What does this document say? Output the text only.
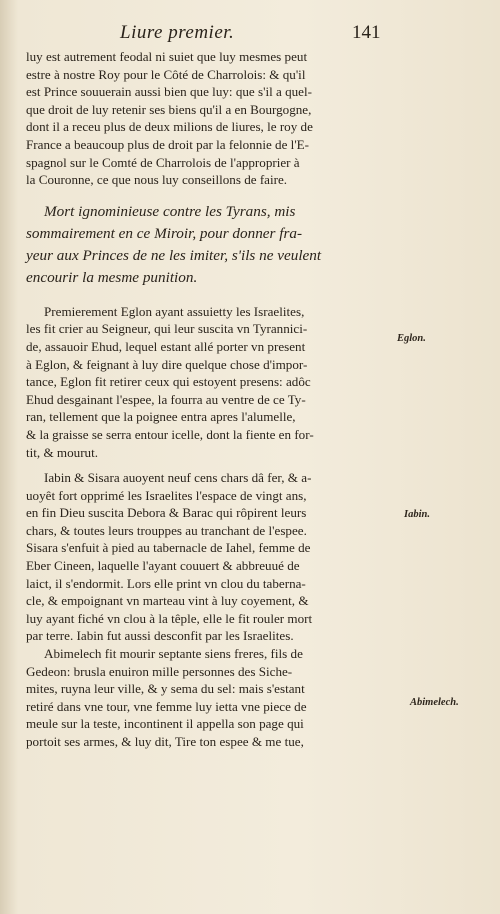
Liure premier.	141
luy est autrement feodal ni suiet que luy mesmes peut
estre à nostre Roy pour le Côté de Charrolois: & qu'il
est Prince souuerain aussi bien que luy: que s'il a quel-
que droit de luy retenir ses biens qu'il a en Bourgogne,
dont il a receu plus de deux milions de liures, le roy de
France a beaucoup plus de droit par la felonnie de l'E-
spagnol sur le Comté de Charrolois de l'approprier à
la Couronne, ce que nous luy conseillons de faire.
Mort ignominieuse contre les Tyrans, mis
sommairement en ce Miroir, pour donner fra-
yeur aux Princes de ne les imiter, s'ils ne veulent
encourir la mesme punition.
Premierement Eglon ayant assuietty les Israelites,
les fit crier au Seigneur, qui leur suscita vn Tyrannici-
de, assauoir Ehud, lequel estant allé porter vn present
à Eglon, & feignant à luy dire quelque chose d'impor-
tance, Eglon fit retirer ceux qui estoyent presens: adôc
Ehud desgainant l'espee, la fourra au ventre de ce Ty-
ran, tellement que la poignee entra apres l'alumelle,
& la graisse se serra entour icelle, dont la fiente en for-
tit, & mourut.
Iabin & Sisara auoyent neuf cens chars dâ fer, & a-
uoyêt fort opprimé les Israelites l'espace de vingt ans,
en fin Dieu suscita Debora & Barac qui rôpirent leurs
chars, & toutes leurs trouppes au tranchant de l'espee.
Sisara s'enfuit à pied au tabernacle de Iahel, femme de
Eber Cineen, laquelle l'ayant couuert & abbreuué de
laict, il s'endormit. Lors elle print vn clou du taberna-
cle, & empoignant vn marteau vint à luy coyement, &
luy ayant fiché vn clou à la têple, elle le fit rouler mort
par terre. Iabin fut aussi desconfit par les Israelites.
Abimelech fit mourir septante siens freres, fils de
Gedeon: brusla enuiron mille personnes des Siche-
mites, ruyna leur ville, & y sema du sel: mais s'estant
retiré dans vne tour, vne femme luy ietta vne piece de
meule sur la teste, incontinent il appella son page qui
portoit ses armes, & luy dit, Tire ton espee & me tue,
Eglon.
Iabin.
Abimelech.
